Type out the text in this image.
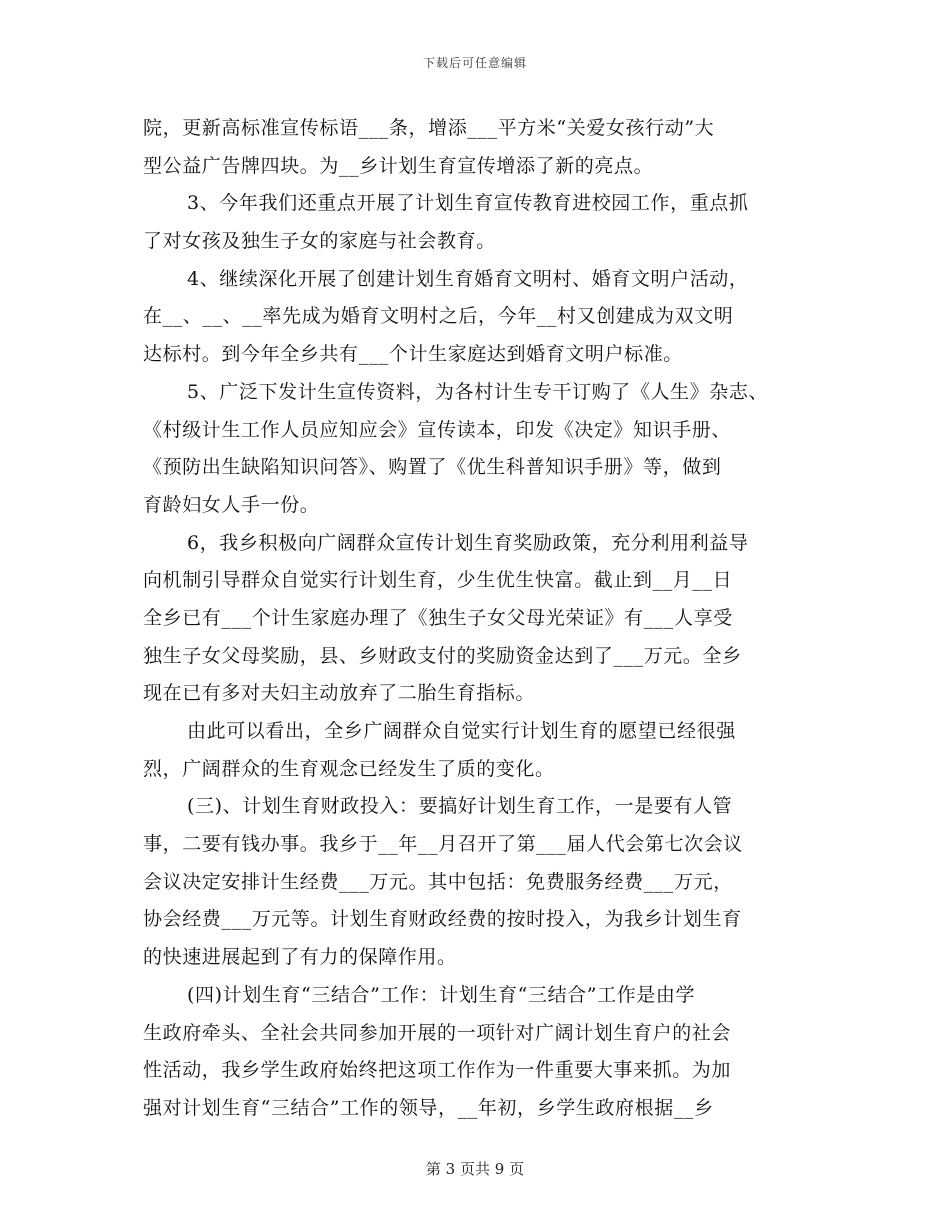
下载后可任意编辑
院，更新高标准宣传标语___条，增添___平方米“关爱女孩行动”大
型公益广告牌四块。为__乡计划生育宣传增添了新的亮点。
3、今年我们还重点开展了计划生育宣传教育进校园工作，重点抓
了对女孩及独生子女的家庭与社会教育。
4、继续深化开展了创建计划生育婚育文明村、婚育文明户活动，
在__、__、__率先成为婚育文明村之后，今年__村又创建成为双文明
达标村。到今年全乡共有___个计生家庭达到婚育文明户标准。
5、广泛下发计生宣传资料，为各村计生专干订购了《人生》杂志、
《村级计生工作人员应知应会》宣传读本，印发《决定》知识手册、
《预防出生缺陷知识问答》、购置了《优生科普知识手册》等，做到
育龄妇女人手一份。
6，我乡积极向广阔群众宣传计划生育奖励政策，充分利用利益导
向机制引导群众自觉实行计划生育，少生优生快富。截止到__月__日
全乡已有___个计生家庭办理了《独生子女父母光荣证》有___人享受
独生子女父母奖励，县、乡财政支付的奖励资金达到了___万元。全乡
现在已有多对夫妇主动放弃了二胎生育指标。
由此可以看出，全乡广阔群众自觉实行计划生育的愿望已经很强
烈，广阔群众的生育观念已经发生了质的变化。
(三)、计划生育财政投入：要搞好计划生育工作，一是要有人管
事，二要有钱办事。我乡于__年__月召开了第___届人代会第七次会议
会议决定安排计生经费___万元。其中包括：免费服务经费___万元，
协会经费___万元等。计划生育财政经费的按时投入，为我乡计划生育
的快速进展起到了有力的保障作用。
(四)计划生育“三结合”工作：计划生育“三结合”工作是由学
生政府牵头、全社会共同参加开展的一项针对广阔计划生育户的社会
性活动，我乡学生政府始终把这项工作作为一件重要大事来抓。为加
强对计划生育“三结合”工作的领导，__年初，乡学生政府根据__乡
第 3 页共 9 页
